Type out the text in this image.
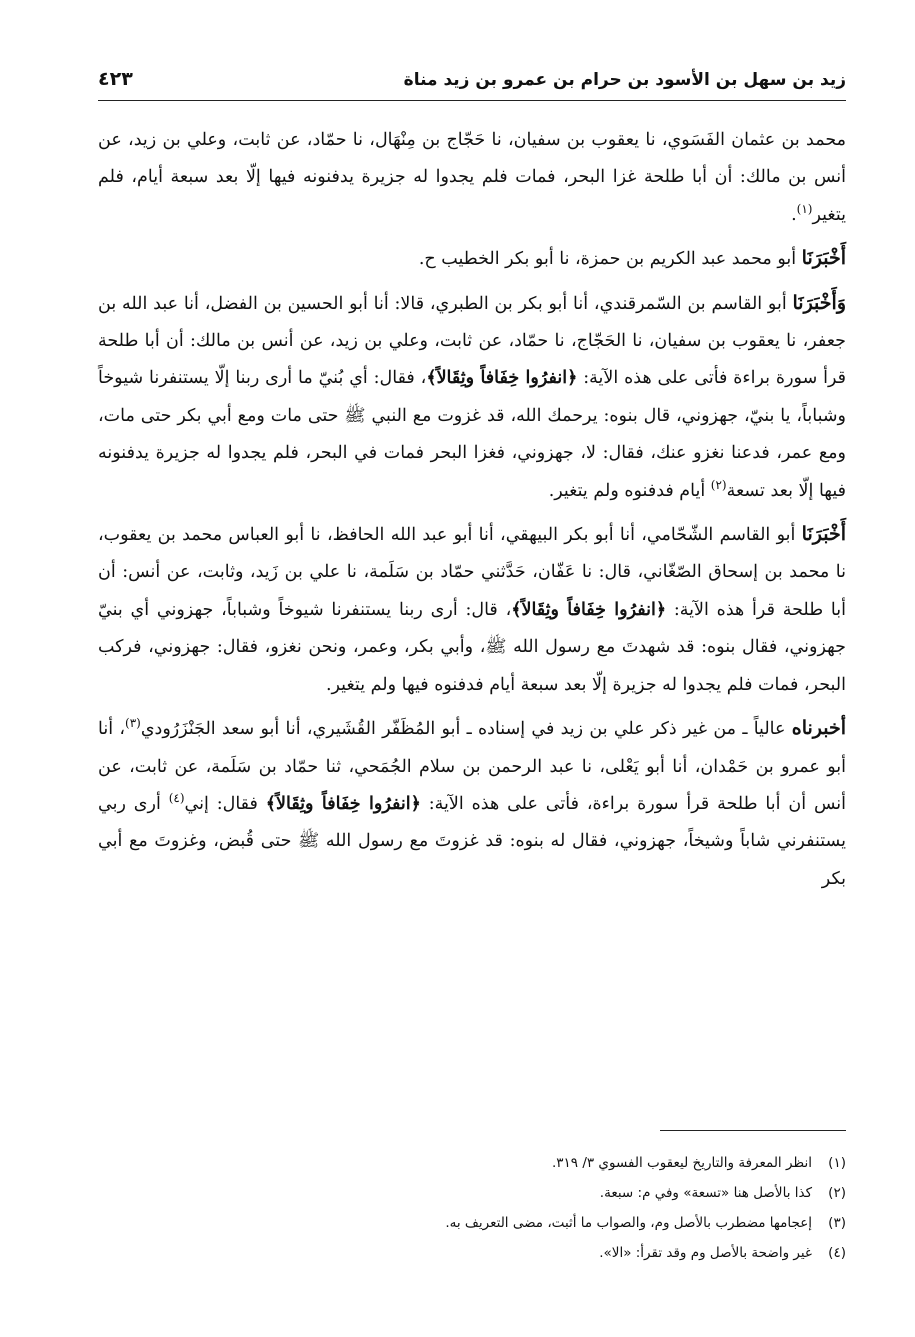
زيد بن سهل بن الأسود بن حرام بن عمرو بن زيد مناة
٤٢٣

محمد بن عثمان الفَسَوي، نا يعقوب بن سفيان، نا حَجّاج بن مِنْهَال، نا حمّاد، عن ثابت، وعلي بن زيد، عن أنس بن مالك: أن أبا طلحة غزا البحر، فمات فلم يجدوا له جزيرة يدفنونه فيها إلّا بعد سبعة أيام، فلم يتغير$^{(١)}$.

أَخْبَرَنَا أبو محمد عبد الكريم بن حمزة، نا أبو بكر الخطيب ح.

وَأَخْبَرَنَا أبو القاسم بن السّمرقندي، أنا أبو بكر بن الطبري، قالا: أنا أبو الحسين بن الفضل، أنا عبد الله بن جعفر، نا يعقوب بن سفيان، نا الحَجّاج، نا حمّاد، عن ثابت، وعلي بن زيد، عن أنس بن مالك: أن أبا طلحة قرأ سورة براءة فأتى على هذه الآية: ﴿انفرُوا خِفَافاً وثِقَالاً﴾، فقال: أي بُنيّ ما أرى ربنا إلّا يستنفرنا شيوخاً وشباباً، يا بنيّ، جهزوني، قال بنوه: يرحمك الله، قد غزوت مع النبي ﷺ حتى مات ومع أبي بكر حتى مات، ومع عمر، فدعنا نغزو عنك، فقال: لا، جهزوني، فغزا البحر فمات في البحر، فلم يجدوا له جزيرة يدفنونه فيها إلّا بعد تسعة$^{(٢)}$ أيام فدفنوه ولم يتغير.

أَخْبَرَنَا أبو القاسم الشّحّامي، أنا أبو بكر البيهقي، أنا أبو عبد الله الحافظ، نا أبو العباس محمد بن يعقوب، نا محمد بن إسحاق الصّغّاني، قال: نا عَفّان، حَدَّثني حمّاد بن سَلَمة، نا علي بن زَيد، وثابت، عن أنس: أن أبا طلحة قرأ هذه الآية: ﴿انفرُوا خِفَافاً وثِقَالاً﴾، قال: أرى ربنا يستنفرنا شيوخاً وشباباً، جهزوني أي بنيّ جهزوني، فقال بنوه: قد شهدتَ مع رسول الله ﷺ، وأبي بكر، وعمر، ونحن نغزو، فقال: جهزوني، فركب البحر، فمات فلم يجدوا له جزيرة إلّا بعد سبعة أيام فدفنوه فيها ولم يتغير.

أخبرناه عالياً ـ من غير ذكر علي بن زيد في إسناده ـ أبو المُظَفّر القُشَيري، أنا أبو سعد الجَنْزَرُودي$^{(٣)}$، أنا أبو عمرو بن حَمْدان، أنا أبو يَعْلى، نا عبد الرحمن بن سلام الجُمَحي، ثنا حمّاد بن سَلَمة، عن ثابت، عن أنس أن أبا طلحة قرأ سورة براءة، فأتى على هذه الآية: ﴿انفرُوا خِفَافاً وثِقَالاً﴾ فقال: إني$^{(٤)}$ أرى ربي يستنفرني شاباً وشيخاً، جهزوني، فقال له بنوه: قد غزوتَ مع رسول الله ﷺ حتى قُبض، وغزوتَ مع أبي بكر

(١)انظر المعرفة والتاريخ ليعقوب الفسوي ٣/ ٣١٩.
(٢)كذا بالأصل هنا «تسعة» وفي م: سبعة.
(٣)إعجامها مضطرب بالأصل وم، والصواب ما أثبت، مضى التعريف به.
(٤)غير واضحة بالأصل وم وقد تقرأ: «الا».
